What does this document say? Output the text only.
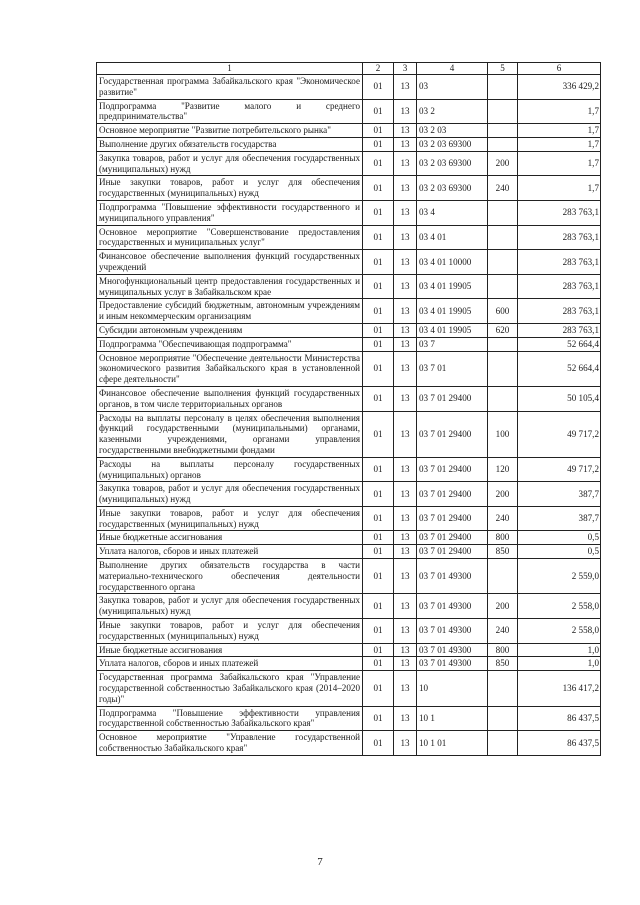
1	2	3	4	5	6
Государственная программа Забайкальского края "Экономическое развитие"	01	13	03		336 429,2
Подпрограмма "Развитие малого и среднего предпринимательства"	01	13	03 2		1,7
Основное мероприятие "Развитие потребительского рынка"	01	13	03 2 03		1,7
Выполнение других обязательств государства	01	13	03 2 03 69300		1,7
Закупка товаров, работ и услуг для обеспечения государственных (муниципальных) нужд	01	13	03 2 03 69300	200	1,7
Иные закупки товаров, работ и услуг для обеспечения государственных (муниципальных) нужд	01	13	03 2 03 69300	240	1,7
Подпрограмма "Повышение эффективности государственного и муниципального управления"	01	13	03 4		283 763,1
Основное мероприятие "Совершенствование предоставления государственных и муниципальных услуг"	01	13	03 4 01		283 763,1
Финансовое обеспечение выполнения функций государственных учреждений	01	13	03 4 01 10000		283 763,1
Многофункциональный центр предоставления государственных и муниципальных услуг в Забайкальском крае	01	13	03 4 01 19905		283 763,1
Предоставление субсидий бюджетным, автономным учреждениям и иным некоммерческим организациям	01	13	03 4 01 19905	600	283 763,1
Субсидии автономным учреждениям	01	13	03 4 01 19905	620	283 763,1
Подпрограмма "Обеспечивающая подпрограмма"	01	13	03 7		52 664,4
Основное мероприятие "Обеспечение деятельности Министерства экономического развития Забайкальского края в установленной сфере деятельности"	01	13	03 7 01		52 664,4
Финансовое обеспечение выполнения функций государственных органов, в том числе территориальных органов	01	13	03 7 01 29400		50 105,4
Расходы на выплаты персоналу в целях обеспечения выполнения функций государственными (муниципальными) органами, казенными учреждениями, органами управления государственными внебюджетными фондами	01	13	03 7 01 29400	100	49 717,2
Расходы на выплаты персоналу государственных (муниципальных) органов	01	13	03 7 01 29400	120	49 717,2
Закупка товаров, работ и услуг для обеспечения государственных (муниципальных) нужд	01	13	03 7 01 29400	200	387,7
Иные закупки товаров, работ и услуг для обеспечения государственных (муниципальных) нужд	01	13	03 7 01 29400	240	387,7
Иные бюджетные ассигнования	01	13	03 7 01 29400	800	0,5
Уплата налогов, сборов и иных платежей	01	13	03 7 01 29400	850	0,5
Выполнение других обязательств государства в части материально-технического обеспечения деятельности государственного органа	01	13	03 7 01 49300		2 559,0
Закупка товаров, работ и услуг для обеспечения государственных (муниципальных) нужд	01	13	03 7 01 49300	200	2 558,0
Иные закупки товаров, работ и услуг для обеспечения государственных (муниципальных) нужд	01	13	03 7 01 49300	240	2 558,0
Иные бюджетные ассигнования	01	13	03 7 01 49300	800	1,0
Уплата налогов, сборов и иных платежей	01	13	03 7 01 49300	850	1,0
Государственная программа Забайкальского края "Управление государственной собственностью Забайкальского края (2014–2020 годы)"	01	13	10		136 417,2
Подпрограмма "Повышение эффективности управления государственной собственностью Забайкальского края"	01	13	10 1		86 437,5
Основное мероприятие "Управление государственной собственностью Забайкальского края"	01	13	10 1 01		86 437,5
7
